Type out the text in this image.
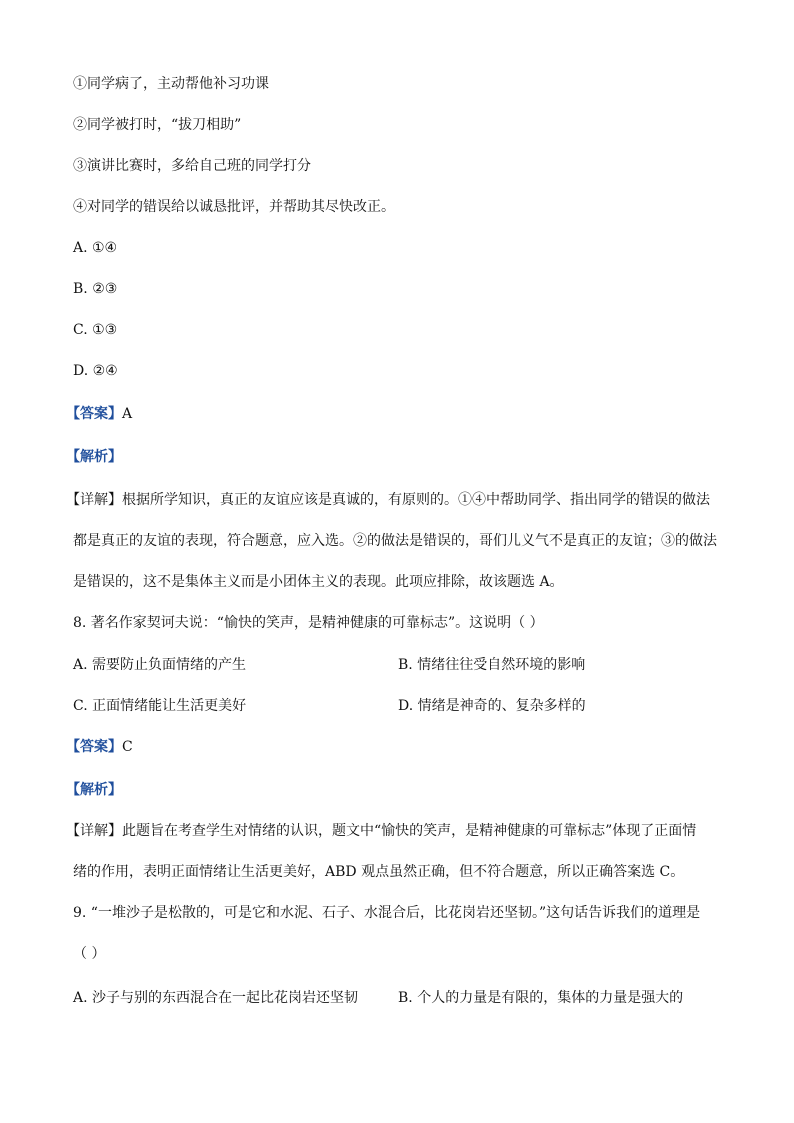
①同学病了，主动帮他补习功课
②同学被打时，“拔刀相助”
③演讲比赛时，多给自己班的同学打分
④对同学的错误给以诚恳批评，并帮助其尽快改正。
A. ①④
B. ②③
C. ①③
D. ②④
【答案】A
【解析】
【详解】根据所学知识，真正的友谊应该是真诚的，有原则的。①④中帮助同学、指出同学的错误的做法
都是真正的友谊的表现，符合题意，应入选。②的做法是错误的，哥们儿义气不是真正的友谊；③的做法
是错误的，这不是集体主义而是小团体主义的表现。此项应排除，故该题选 A。
8. 著名作家契诃夫说：“愉快的笑声，是精神健康的可靠标志”。这说明（ ）
A. 需要防止负面情绪的产生	B. 情绪往往受自然环境的影响
C. 正面情绪能让生活更美好	D. 情绪是神奇的、复杂多样的
【答案】C
【解析】
【详解】此题旨在考查学生对情绪的认识，题文中“愉快的笑声，是精神健康的可靠标志”体现了正面情
绪的作用，表明正面情绪让生活更美好，ABD 观点虽然正确，但不符合题意，所以正确答案选 C。
9. “一堆沙子是松散的，可是它和水泥、石子、水混合后，比花岗岩还坚韧。”这句话告诉我们的道理是
（ ）
A. 沙子与别的东西混合在一起比花岗岩还坚韧	B. 个人的力量是有限的，集体的力量是强大的
